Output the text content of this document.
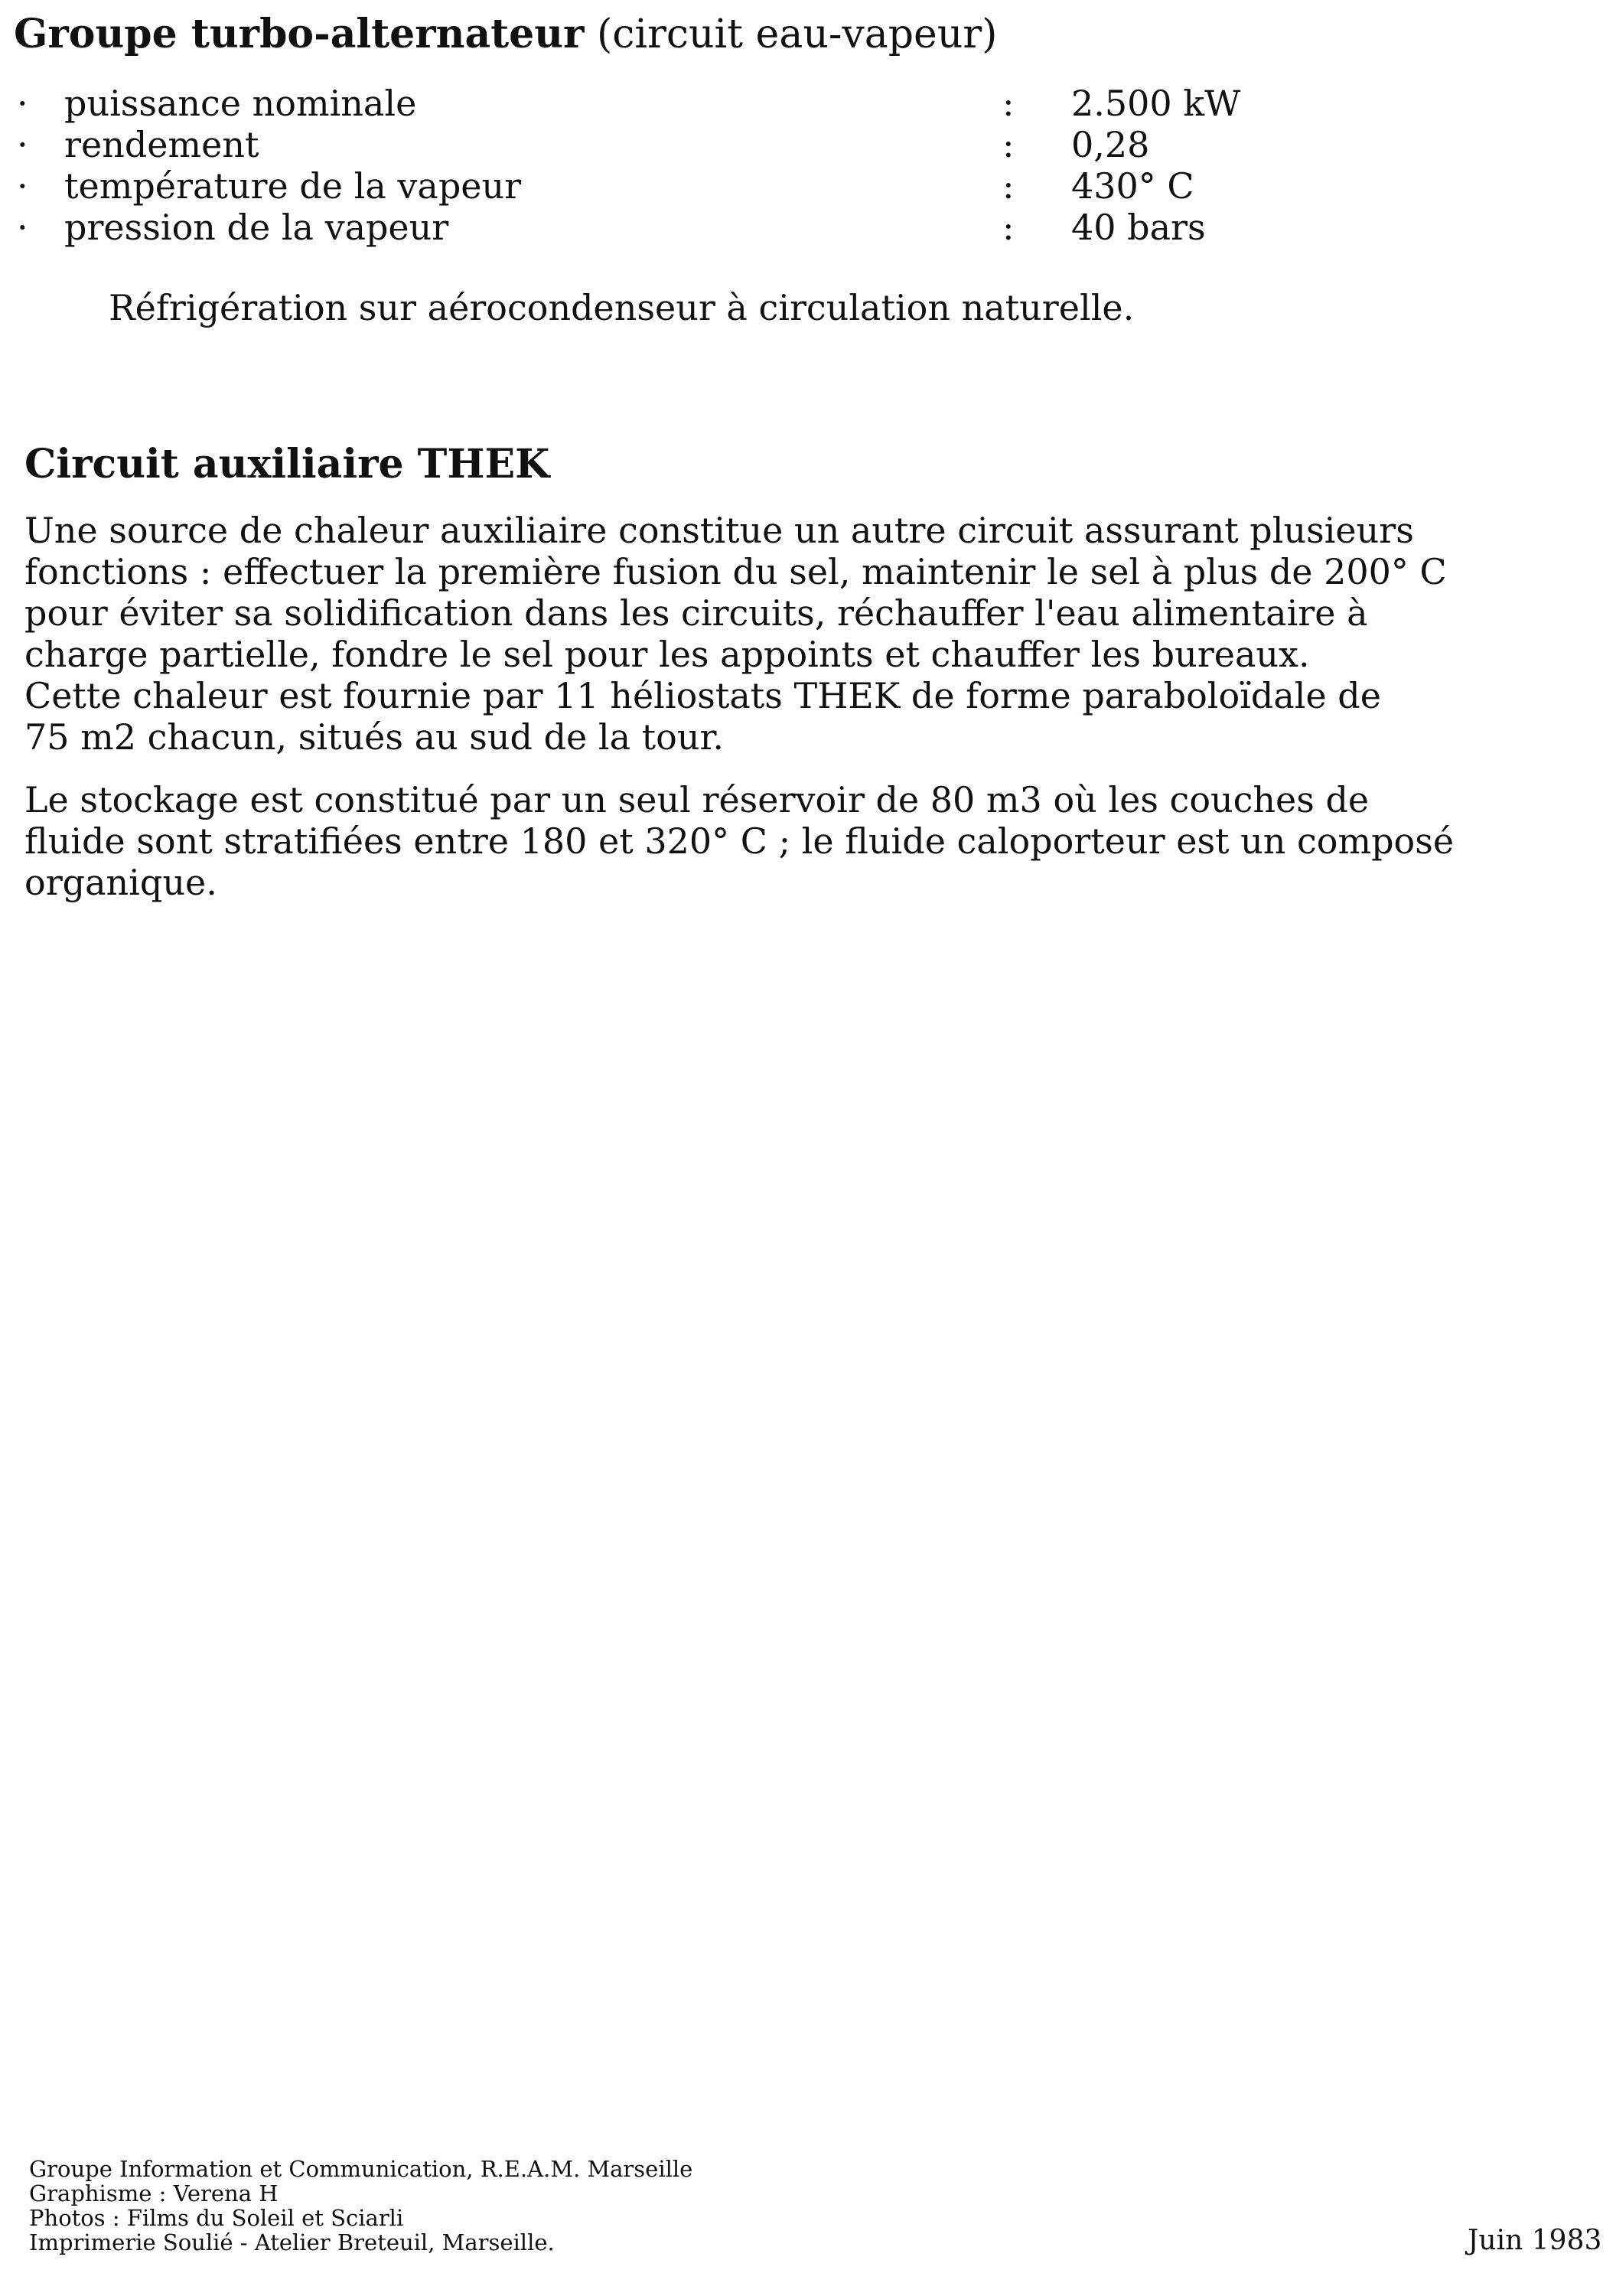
Groupe turbo-alternateur (circuit eau-vapeur)
· puissance nominale	: 2.500 kW
· rendement	: 0,28
· température de la vapeur	: 430° C
· pression de la vapeur	: 40 bars

Réfrigération sur aérocondenseur à circulation naturelle.

Circuit auxiliaire THEK

Une source de chaleur auxiliaire constitue un autre circuit assurant plusieurs
fonctions : effectuer la première fusion du sel, maintenir le sel à plus de 200° C
pour éviter sa solidification dans les circuits, réchauffer l'eau alimentaire à
charge partielle, fondre le sel pour les appoints et chauffer les bureaux.
Cette chaleur est fournie par 11 héliostats THEK de forme paraboloïdale de
75 m2 chacun, situés au sud de la tour.

Le stockage est constitué par un seul réservoir de 80 m3 où les couches de
fluide sont stratifiées entre 180 et 320° C ; le fluide caloporteur est un composé
organique.

Groupe Information et Communication, R.E.A.M. Marseille
Graphisme : Verena H
Photos : Films du Soleil et Sciarli
Imprimerie Soulié - Atelier Breteuil, Marseille.	Juin 1983
